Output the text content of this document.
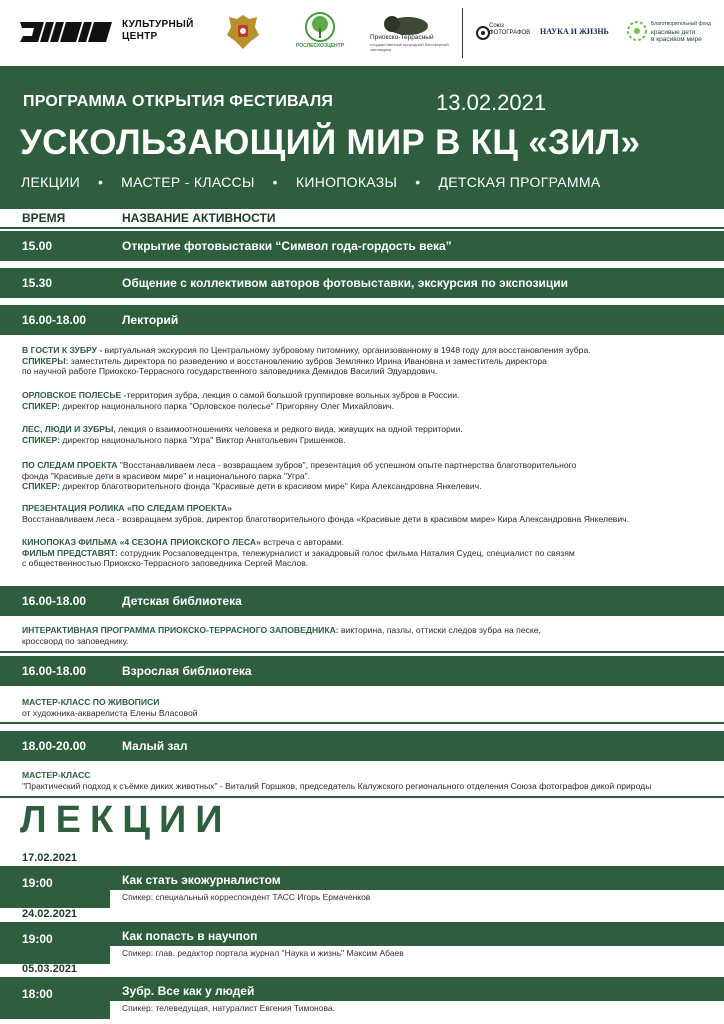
КУЛЬТУРНЫЙ
ЦЕНТР
РОСЛЕСХОЗЦЕНТР
Приокско-Террасный
государственный природный биосферный заповедник
Союз
ФОТОГРАФОВ НАУКА И ЖИЗНЬ
Благотворительный фонд
красивые дети
в красивом мире
ПРОГРАММА ОТКРЫТИЯ ФЕСТИВАЛЯ	13.02.2021
УСКОЛЬЗАЮЩИЙ МИР В КЦ «ЗИЛ»
ЛЕКЦИИ • МАСТЕР - КЛАССЫ • КИНОПОКАЗЫ • ДЕТСКАЯ ПРОГРАММА
ВРЕМЯ	НАЗВАНИЕ АКТИВНОСТИ
15.00	Открытие фотовыставки “Символ года-гордость века”
15.30	Общение с коллективом авторов фотовыставки, экскурсия по экспозиции
16.00-18.00	Лекторий
В ГОСТИ К ЗУБРУ - виртуальная экскурсия по Центральному зубровому питомнику, организованному в 1948 году для восстановления зубра.
СПИКЕРЫ: заместитель директора по разведению и восстановлению зубров Землянко Ирина Ивановна и заместитель директора
по научной работе Приокско-Террасного государственного заповедника Демидов Василий Эдуардович.
ОРЛОВСКОЕ ПОЛЕСЬЕ -территория зубра, лекция о самой большой группировке вольных зубров в России.
СПИКЕР: директор национального парка "Орловское полесье" Пригоряну Олег Михайлович.
ЛЕС, ЛЮДИ И ЗУБРЫ, лекция о взаимоотношениях человека и редкого вида, живущих на одной территории.
СПИКЕР: директор национального парка "Угра" Виктор Анатольевич Гришенков.
ПО СЛЕДАМ ПРОЕКТА "Восстанавливаем леса - возвращаем зубров", презентация об успешном опыте партнерства благотворительного
фонда "Красивые дети в красивом мире" и национального парка "Угра".
СПИКЕР: директор благотворительного фонда "Красивые дети в красивом мире" Кира Александровна Янкелевич.
ПРЕЗЕНТАЦИЯ РОЛИКА «ПО СЛЕДАМ ПРОЕКТА»
Восстанавливаем леса - возвращаем зубров, директор благотворительного фонда «Красивые дети в красивом мире» Кира Александровна Янкелевич.
КИНОПОКАЗ ФИЛЬМА «4 СЕЗОНА ПРИОКСКОГО ЛЕСА» встреча с авторами.
ФИЛЬМ ПРЕДСТАВЯТ: сотрудник Росзаповедцентра, тележурналист и закадровый голос фильма Наталия Судец, специалист по связям
с общественностью Приокско-Террасного заповедника Сергей Маслов.
16.00-18.00	Детская библиотека
ИНТЕРАКТИВНАЯ ПРОГРАММА ПРИОКСКО-ТЕРРАСНОГО ЗАПОВЕДНИКА: викторина, пазлы, оттиски следов зубра на песке,
кроссворд по заповеднику.
16.00-18.00	Взрослая библиотека
МАСТЕР-КЛАСС ПО ЖИВОПИСИ
от художника-акварелиста Елены Власовой
18.00-20.00	Малый зал
МАСТЕР-КЛАСС
"Практический подход к съёмке диких животных" - Виталий Горшков, председатель Калужского регионального отделения Союза фотографов дикой природы
ЛЕКЦИИ
17.02.2021
19:00	Как стать экожурналистом
Спикер: специальный корреспондент ТАСС Игорь Ермаченков
24.02.2021
19:00	Как попасть в научпоп
Спикер: глав. редактор портала журнал "Наука и жизнь" Максим Абаев
05.03.2021
18:00	Зубр. Все как у людей
Спикер: телеведущая, натуралист Евгения Тимонова.
